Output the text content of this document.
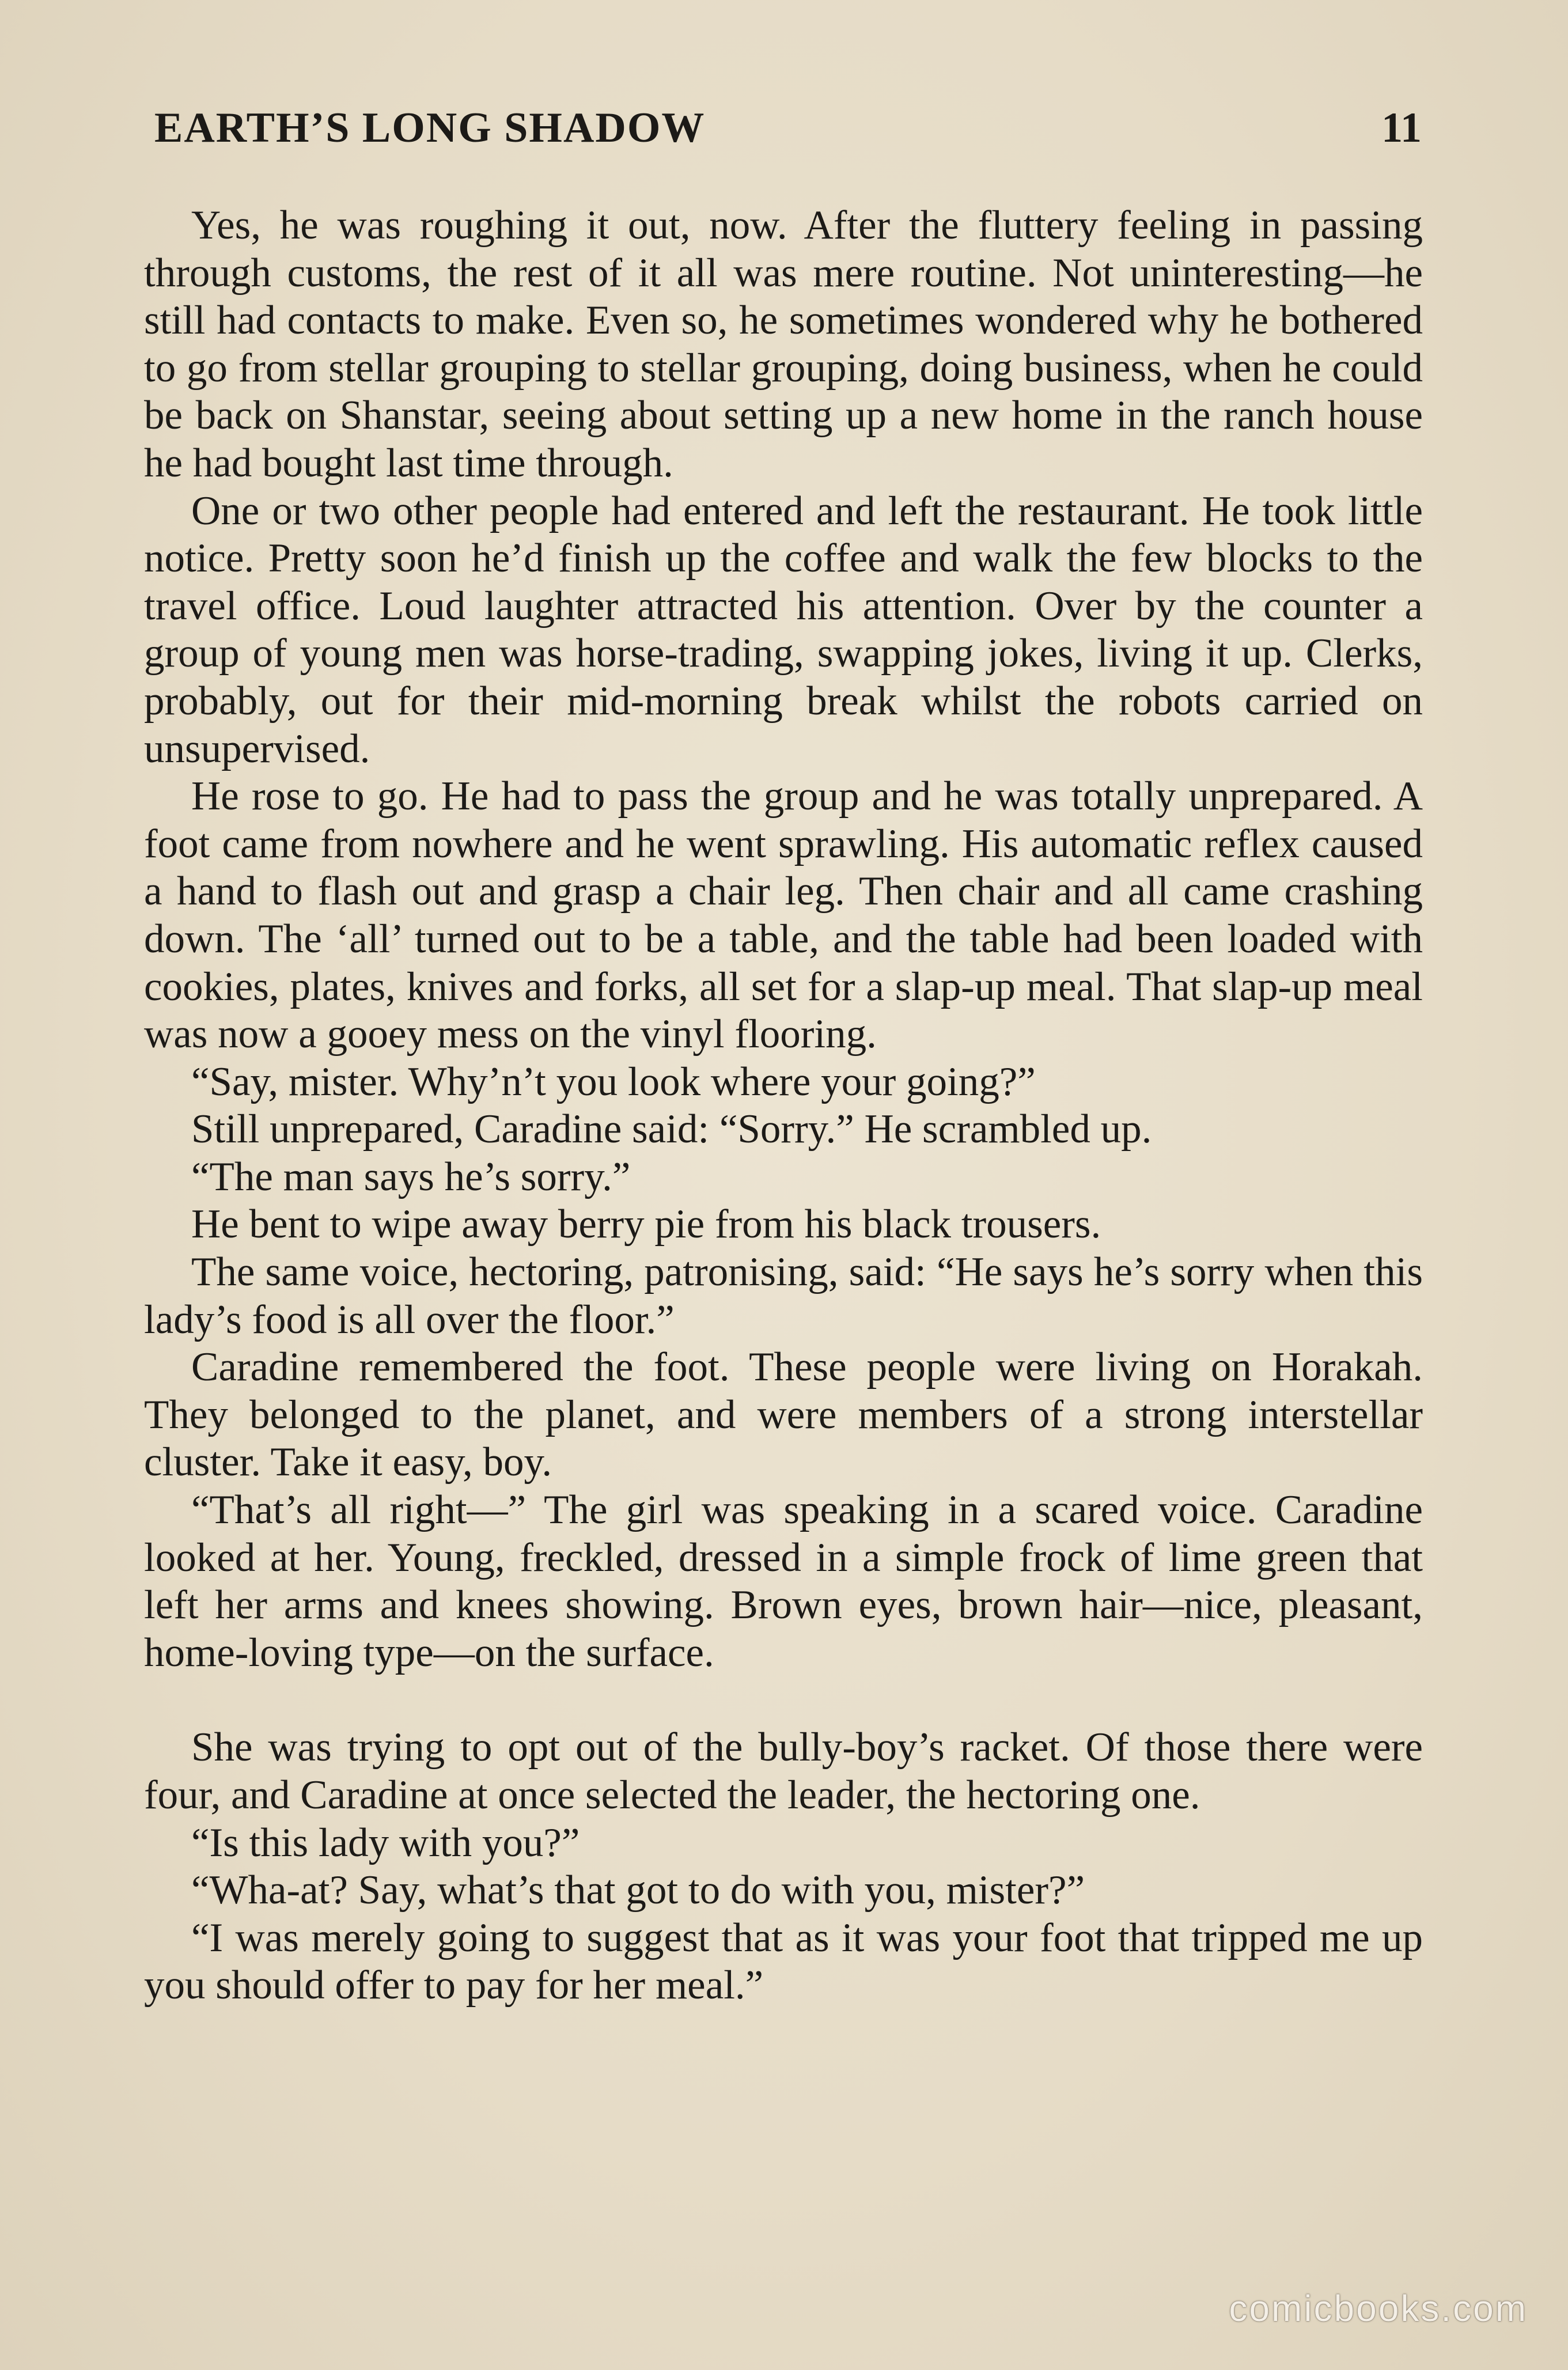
EARTH’S LONG SHADOW	11

Yes, he was roughing it out, now. After the fluttery feeling in passing through customs, the rest of it all was mere routine. Not uninteresting—he still had contacts to make. Even so, he sometimes wondered why he bothered to go from stellar grouping to stellar grouping, doing business, when he could be back on Shanstar, seeing about setting up a new home in the ranch house he had bought last time through.

One or two other people had entered and left the restaurant. He took little notice. Pretty soon he’d finish up the coffee and walk the few blocks to the travel office. Loud laughter attracted his attention. Over by the counter a group of young men was horse-trading, swapping jokes, living it up. Clerks, probably, out for their mid-morning break whilst the robots carried on unsupervised.

He rose to go. He had to pass the group and he was totally unprepared. A foot came from nowhere and he went sprawling. His automatic reflex caused a hand to flash out and grasp a chair leg. Then chair and all came crashing down. The ‘all’ turned out to be a table, and the table had been loaded with cookies, plates, knives and forks, all set for a slap-up meal. That slap-up meal was now a gooey mess on the vinyl flooring.

“Say, mister. Why’n’t you look where your going?”

Still unprepared, Caradine said: “Sorry.” He scrambled up.

“The man says he’s sorry.”

He bent to wipe away berry pie from his black trousers.

The same voice, hectoring, patronising, said: “He says he’s sorry when this lady’s food is all over the floor.”

Caradine remembered the foot. These people were living on Horakah. They belonged to the planet, and were members of a strong interstellar cluster. Take it easy, boy.

“That’s all right—” The girl was speaking in a scared voice. Caradine looked at her. Young, freckled, dressed in a simple frock of lime green that left her arms and knees showing. Brown eyes, brown hair—nice, pleasant, home-loving type—on the surface.

She was trying to opt out of the bully-boy’s racket. Of those there were four, and Caradine at once selected the leader, the hectoring one.

“Is this lady with you?”

“Wha-at? Say, what’s that got to do with you, mister?”

“I was merely going to suggest that as it was your foot that tripped me up you should offer to pay for her meal.”

comicbooks.com
